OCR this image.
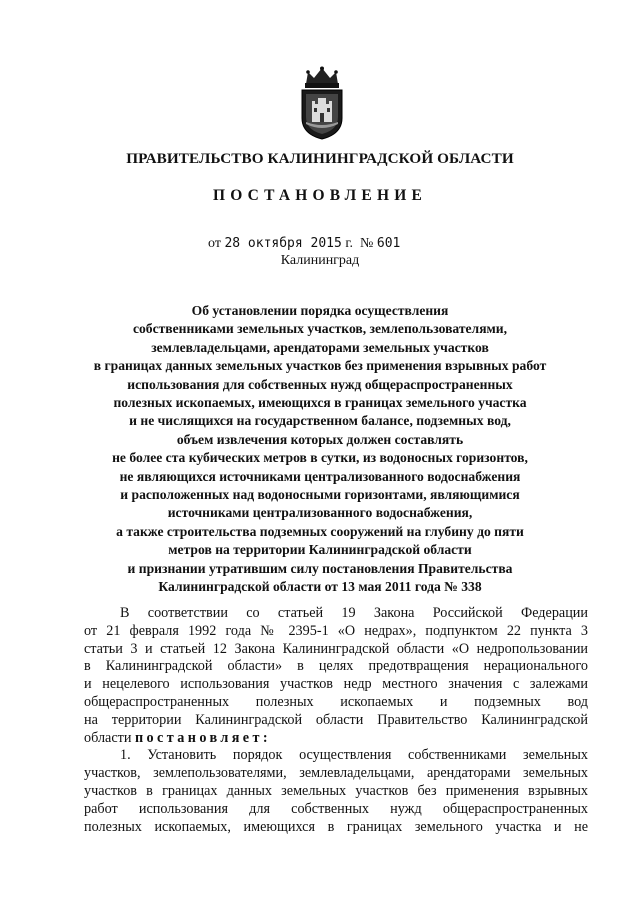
ПРАВИТЕЛЬСТВО КАЛИНИНГРАДСКОЙ ОБЛАСТИ
ПОСТАНОВЛЕНИЕ
от 28 октября 2015 г. № 601
Калининград
Об установлении порядка осуществления
собственниками земельных участков, землепользователями,
землевладельцами, арендаторами земельных участков
в границах данных земельных участков без применения взрывных работ
использования для собственных нужд общераспространенных
полезных ископаемых, имеющихся в границах земельного участка
и не числящихся на государственном балансе, подземных вод,
объем извлечения которых должен составлять
не более ста кубических метров в сутки, из водоносных горизонтов,
не являющихся источниками централизованного водоснабжения
и расположенных над водоносными горизонтами, являющимися
источниками централизованного водоснабжения,
а также строительства подземных сооружений на глубину до пяти
метров на территории Калининградской области
и признании утратившим силу постановления Правительства
Калининградской области от 13 мая 2011 года № 338
В соответствии со статьей 19 Закона Российской Федерации
от 21 февраля 1992 года № 2395-1 «О недрах», подпунктом 22 пункта 3
статьи 3 и статьей 12 Закона Калининградской области «О недропользовании
в Калининградской области» в целях предотвращения нерационального
и нецелевого использования участков недр местного значения с залежами
общераспространенных полезных ископаемых и подземных вод
на территории Калининградской области Правительство Калининградской
области постановляет:
1. Установить порядок осуществления собственниками земельных
участков, землепользователями, землевладельцами, арендаторами земельных
участков в границах данных земельных участков без применения взрывных
работ использования для собственных нужд общераспространенных
полезных ископаемых, имеющихся в границах земельного участка и не
